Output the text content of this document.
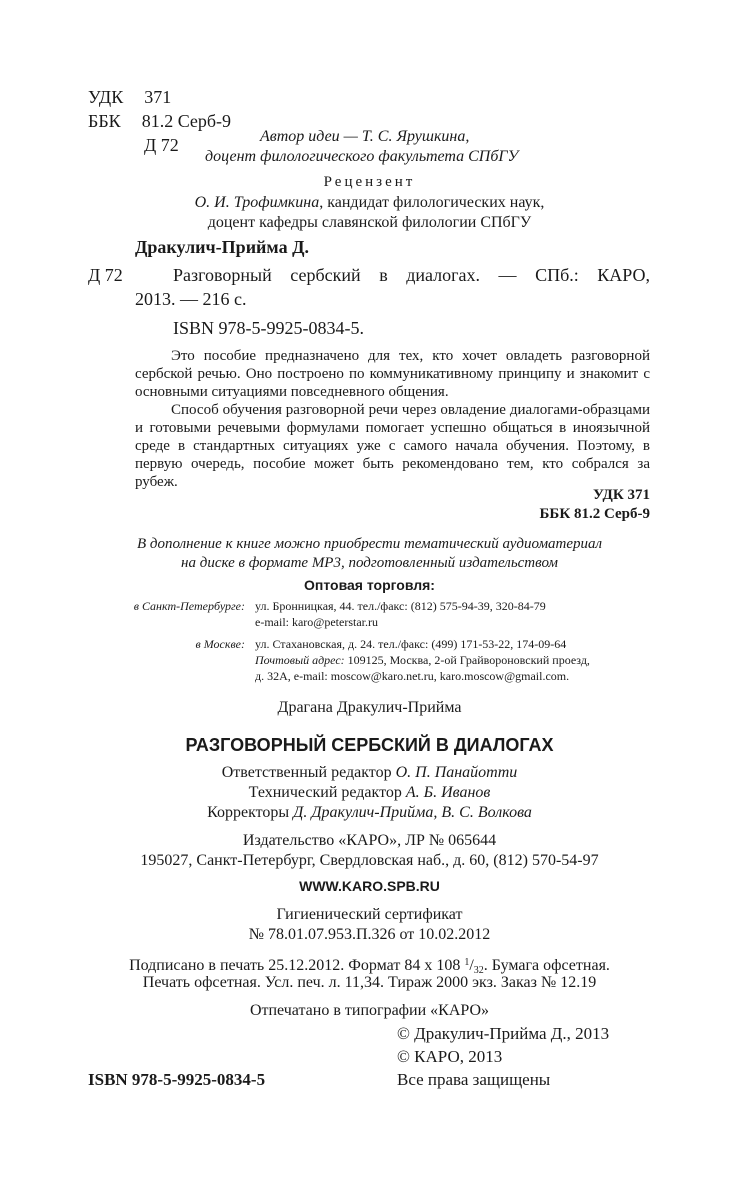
УДК 371
ББК 81.2 Серб-9
Д 72	Автор идеи — Т. С. Ярушкина,
доцент филологического факультета СПбГУ
Рецензент
О. И. Трофимкина, кандидат филологических наук,
доцент кафедры славянской филологии СПбГУ
Дракулич-Прийма Д.
Д 72	Разговорный сербский в диалогах. — СПб.: КАРО,
2013. — 216 с.
ISBN 978-5-9925-0834-5.

Это пособие предназначено для тех, кто хочет овладеть разговорной сербской речью. Оно построено по коммуникативному принципу и знакомит с основными ситуациями повседневного общения.

Способ обучения разговорной речи через овладение диалогами-образцами и готовыми речевыми формулами помогает успешно общаться в иноязычной среде в стандартных ситуациях уже с самого начала обучения. Поэтому, в первую очередь, пособие может быть рекомендовано тем, кто собрался за рубеж.

УДК 371
ББК 81.2 Серб-9
В дополнение к книге можно приобрести тематический аудиоматериал
на диске в формате МР3, подготовленный издательством
Оптовая торговля:
в Санкт-Петербурге: ул. Бронницкая, 44. тел./факс: (812) 575-94-39, 320-84-79
e-mail: karo@peterstar.ru
в Москве: ул. Стахановская, д. 24. тел./факс: (499) 171-53-22, 174-09-64
Почтовый адрес: 109125, Москва, 2-ой Грайвороновский проезд,
д. 32А, e-mail: moscow@karo.net.ru, karo.moscow@gmail.com.
Драгана Дракулич-Прийма
РАЗГОВОРНЫЙ СЕРБСКИЙ В ДИАЛОГАХ
Ответственный редактор О. П. Панайотти
Технический редактор А. Б. Иванов
Корректоры Д. Дракулич-Прийма, В. С. Волкова
Издательство «КАРО», ЛР № 065644
195027, Санкт-Петербург, Свердловская наб., д. 60, (812) 570-54-97
WWW.KARO.SPB.RU
Гигиенический сертификат
№ 78.01.07.953.П.326 от 10.02.2012
Подписано в печать 25.12.2012. Формат 84 х 108 $^1/_{32}$. Бумага офсетная.
Печать офсетная. Усл. печ. л. 11,34. Тираж 2000 экз. Заказ № 12.19
Отпечатано в типографии «КАРО»
© Дракулич-Прийма Д., 2013
© КАРО, 2013
Все права защищены
ISBN 978-5-9925-0834-5
